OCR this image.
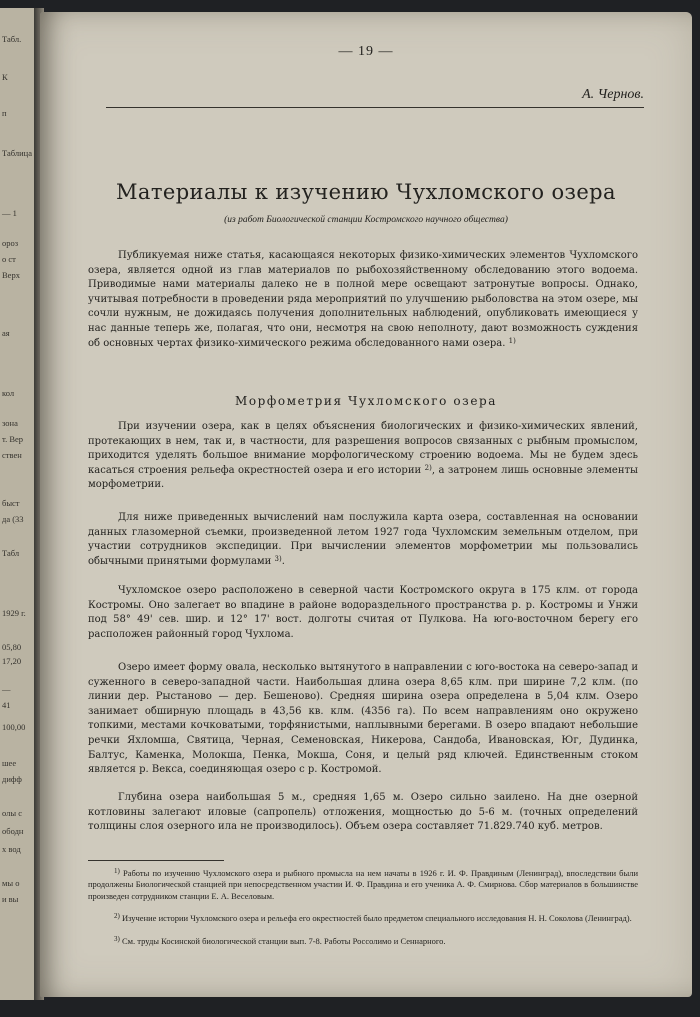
Табл.
К
п
Таблица
— 1
ороз
о ст
Верх
ая
кол
зона
т. Вер
ствен
быст
да (33
Табл
1929 г.
05,80
17,20
—
41
100,00
шее
дифф
олы с
ободн
х вод
мы о
и вы
— 19 —
А. Чернов.
Материалы к изучению Чухломского озера
(из работ Биологической станции Костромского научного общества)

Публикуемая ниже статья, касающаяся некоторых физико-химических элементов Чухломского озера, является одной из глав материалов по рыбохозяйственному обследованию этого водоема. Приводимые нами материалы далеко не в полной мере освещают затронутые вопросы. Однако, учитывая потребности в проведении ряда мероприятий по улучшению рыболовства на этом озере, мы сочли нужным, не дожидаясь получения дополнительных наблюдений, опубликовать имеющиеся у нас данные теперь же, полагая, что они, несмотря на свою неполноту, дают возможность суждения об основных чертах физико-химического режима обследованного нами озера. $^{1)}$

Морфометрия Чухломского озера

При изучении озера, как в целях объяснения биологических и физико-химических явлений, протекающих в нем, так и, в частности, для разрешения вопросов связанных с рыбным промыслом, приходится уделять большое внимание морфологическому строению водоема. Мы не будем здесь касаться строения рельефа окрестностей озера и его истории $^{2)}$, а затронем лишь основные элементы морфометрии.

Для ниже приведенных вычислений нам послужила карта озера, составленная на основании данных глазомерной съемки, произведенной летом 1927 года Чухломским земельным отделом, при участии сотрудников экспедиции. При вычислении элементов морфометрии мы пользовались обычными принятыми формулами $^{3)}$.

Чухломское озеро расположено в северной части Костромского округа в 175 клм. от города Костромы. Оно залегает во впадине в районе водораздельного пространства р. р. Костромы и Унжи под 58° 49' сев. шир. и 12° 17' вост. долготы считая от Пулкова. На юго-восточном берегу его расположен районный город Чухлома.

Озеро имеет форму овала, несколько вытянутого в направлении с юго-востока на северо-запад и суженного в северо-западной части. Наибольшая длина озера 8,65 клм. при ширине 7,2 клм. (по линии дер. Рыстаново — дер. Бешеново). Средняя ширина озера определена в 5,04 клм. Озеро занимает обширную площадь в 43,56 кв. клм. (4356 га). По всем направлениям оно окружено топкими, местами кочковатыми, торфянистыми, наплывными берегами. В озеро впадают небольшие речки Яхломша, Святица, Черная, Семеновская, Никерова, Сандоба, Ивановская, Юг, Дудинка, Балтус, Каменка, Молокша, Пенка, Мокша, Соня, и целый ряд ключей. Единственным стоком является р. Векса, соединяющая озеро с р. Костромой.

Глубина озера наибольшая 5 м., средняя 1,65 м. Озеро сильно заилено. На дне озерной котловины залегают иловые (сапропель) отложения, мощностью до 5-6 м. (точных определений толщины слоя озерного ила не производилось). Объем озера составляет 71.829.740 куб. метров.

$^{1)}$ Работы по изучению Чухломского озера и рыбного промысла на нем начаты в 1926 г. И. Ф. Правдиным (Ленинград), впоследствии были продолжены Биологической станцией при непосредственном участии И. Ф. Правдина и его ученика А. Ф. Смирнова. Сбор материалов в большинстве произведен сотрудником станции Е. А. Веселовым.

$^{2)}$ Изучение истории Чухломского озера и рельефа его окрестностей было предметом специального исследования Н. Н. Соколова (Ленинград).

$^{3)}$ См. труды Косинской биологической станции вып. 7-8. Работы Россолимо и Сеннарного.
